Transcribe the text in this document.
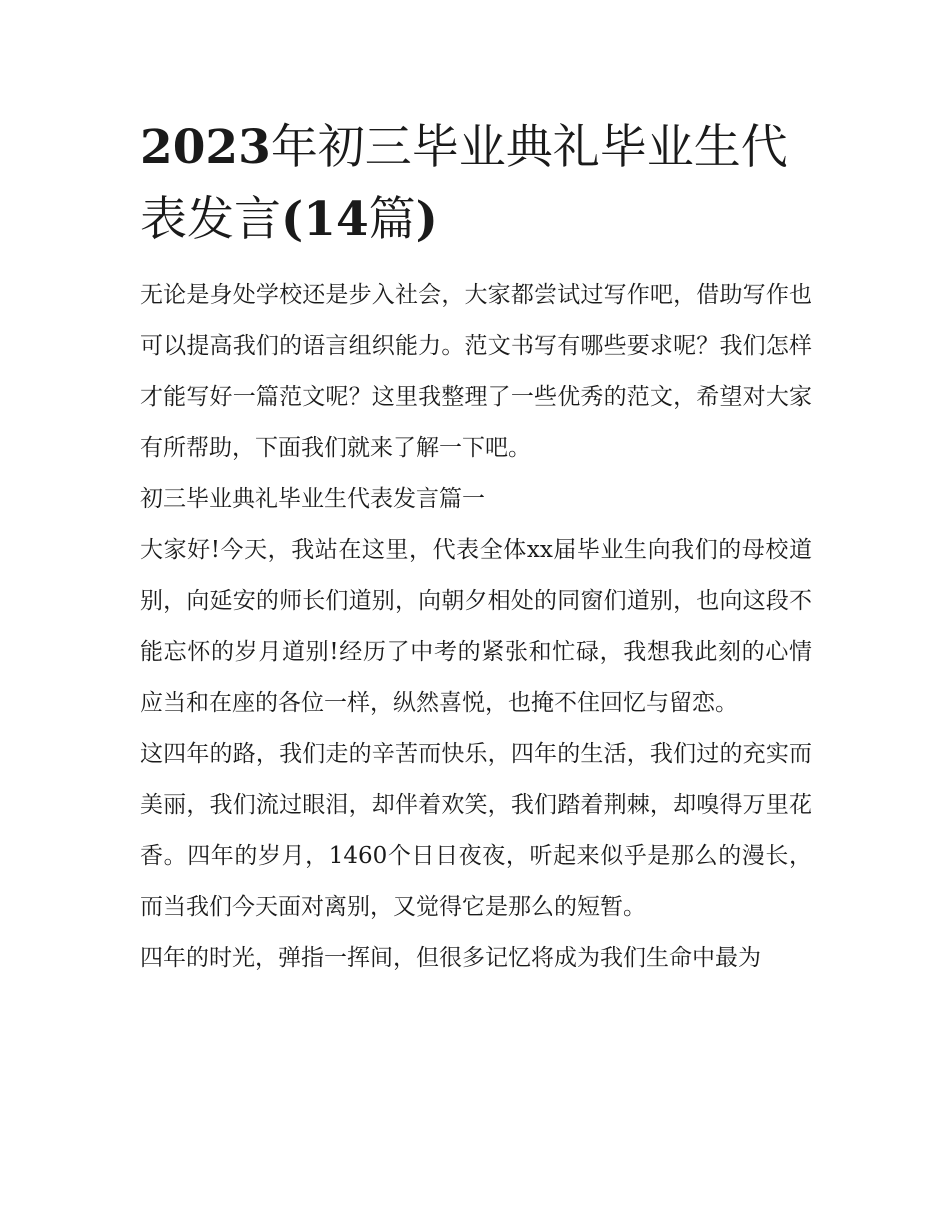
2023年初三毕业典礼毕业生代表发言(14篇)

无论是身处学校还是步入社会，大家都尝试过写作吧，借助写作也可以提高我们的语言组织能力。范文书写有哪些要求呢？我们怎样才能写好一篇范文呢？这里我整理了一些优秀的范文，希望对大家有所帮助，下面我们就来了解一下吧。

初三毕业典礼毕业生代表发言篇一

大家好!今天，我站在这里，代表全体xx届毕业生向我们的母校道别，向延安的师长们道别，向朝夕相处的同窗们道别，也向这段不能忘怀的岁月道别!经历了中考的紧张和忙碌，我想我此刻的心情应当和在座的各位一样，纵然喜悦，也掩不住回忆与留恋。

这四年的路，我们走的辛苦而快乐，四年的生活，我们过的充实而美丽，我们流过眼泪，却伴着欢笑，我们踏着荆棘，却嗅得万里花香。四年的岁月，1460个日日夜夜，听起来似乎是那么的漫长，而当我们今天面对离别，又觉得它是那么的短暂。

四年的时光，弹指一挥间，但很多记忆将成为我们生命中最为
